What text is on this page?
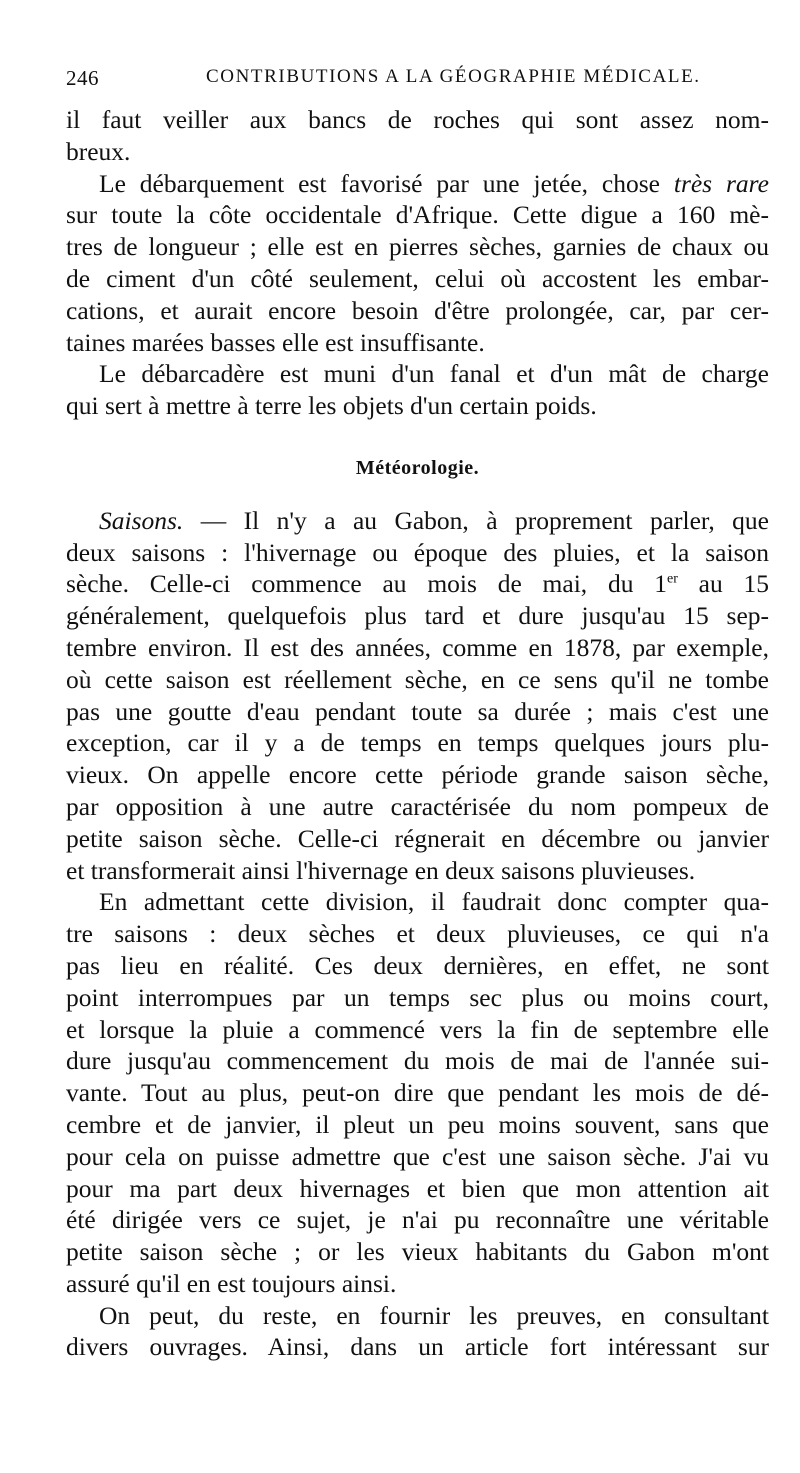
246	CONTRIBUTIONS A LA GÉOGRAPHIE MÉDICALE.
il faut veiller aux bancs de roches qui sont assez nom-
breux.
Le débarquement est favorisé par une jetée, chose très rare
sur toute la côte occidentale d'Afrique. Cette digue a 160 mè-
tres de longueur ; elle est en pierres sèches, garnies de chaux ou
de ciment d'un côté seulement, celui où accostent les embar-
cations, et aurait encore besoin d'être prolongée, car, par cer-
taines marées basses elle est insuffisante.
Le débarcadère est muni d'un fanal et d'un mât de charge
qui sert à mettre à terre les objets d'un certain poids.
Météorologie.
Saisons. — Il n'y a au Gabon, à proprement parler, que
deux saisons : l'hivernage ou époque des pluies, et la saison
sèche. Celle-ci commence au mois de mai, du 1er au 15
généralement, quelquefois plus tard et dure jusqu'au 15 sep-
tembre environ. Il est des années, comme en 1878, par exemple,
où cette saison est réellement sèche, en ce sens qu'il ne tombe
pas une goutte d'eau pendant toute sa durée ; mais c'est une
exception, car il y a de temps en temps quelques jours plu-
vieux. On appelle encore cette période grande saison sèche,
par opposition à une autre caractérisée du nom pompeux de
petite saison sèche. Celle-ci régnerait en décembre ou janvier
et transformerait ainsi l'hivernage en deux saisons pluvieuses.
En admettant cette division, il faudrait donc compter qua-
tre saisons : deux sèches et deux pluvieuses, ce qui n'a
pas lieu en réalité. Ces deux dernières, en effet, ne sont
point interrompues par un temps sec plus ou moins court,
et lorsque la pluie a commencé vers la fin de septembre elle
dure jusqu'au commencement du mois de mai de l'année sui-
vante. Tout au plus, peut-on dire que pendant les mois de dé-
cembre et de janvier, il pleut un peu moins souvent, sans que
pour cela on puisse admettre que c'est une saison sèche. J'ai vu
pour ma part deux hivernages et bien que mon attention ait
été dirigée vers ce sujet, je n'ai pu reconnaître une véritable
petite saison sèche ; or les vieux habitants du Gabon m'ont
assuré qu'il en est toujours ainsi.
On peut, du reste, en fournir les preuves, en consultant
divers ouvrages. Ainsi, dans un article fort intéressant sur
